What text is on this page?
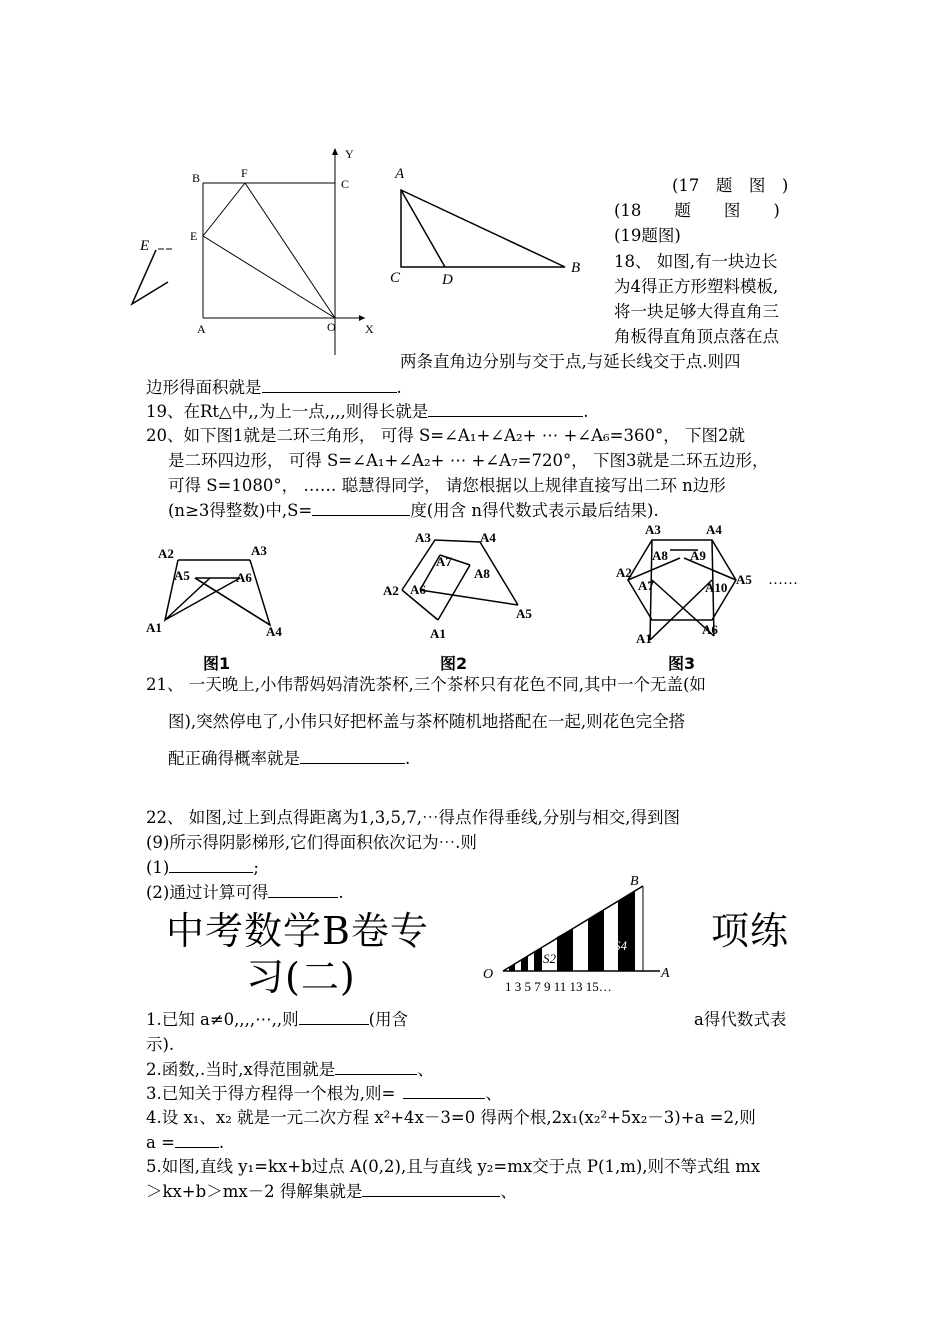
B	F
C
Y
E
A	O X
E
A
C	D
B
(17　题　图　)
(18　　题　　图　　)
(19题图)
18、 如图,有一块边长
为4得正方形塑料模板,
将一块足够大得直角三
角板得直角顶点落在点
两条直角边分别与交于点,与延长线交于点.则四
边形得面积就是	.
19、在Rt△中,,为上一点,,,,则得长就是	.
20、如下图1就是二环三角形， 可得 S=∠A₁+∠A₂+ ⋯ +∠A₆=360°， 下图2就
是二环四边形， 可得 S=∠A₁+∠A₂+ ⋯ +∠A₇=720°， 下图3就是二环五边形，
可得 S=1080°， …… 聪慧得同学， 请您根据以上规律直接写出二环 n边形
(n≥3得整数)中,S=	度(用含 n得代数式表示最后结果).
A2	A3
A5	A6
A1	A4
A3	A4
A7
A8
A2 A6
A5
A1
A3	A4
A8 A9
A2
A7	A10
A5
A1
A6
……
图1	图2	图3
21、 一天晚上,小伟帮妈妈清洗茶杯,三个茶杯只有花色不同,其中一个无盖(如
图),突然停电了,小伟只好把杯盖与茶杯随机地搭配在一起,则花色完全搭
配正确得概率就是	.
22、 如图,过上到点得距离为1,3,5,7,⋯得点作得垂线,分别与相交,得到图
(9)所示得阴影梯形,它们得面积依次记为⋯.则
(1)	;
(2)通过计算可得	.
S2 S3 S4
B
O	A
1 3 5 7 9 11 13 15…
中考数学B卷专	项练
习(二)
1.已知 a≠0,,,,⋯,,则	(用含	a得代数式表
示).
2.函数,.当时,x得范围就是	、
3.已知关于得方程得一个根为,则=	、
4.设 x₁、x₂ 就是一元二次方程 x²+4x－3=0 得两个根,2x₁(x₂²+5x₂－3)+a =2,则
a =	.
5.如图,直线 y₁=kx+b过点 A(0,2),且与直线 y₂=mx交于点 P(1,m),则不等式组 mx
＞kx+b＞mx－2 得解集就是	、
